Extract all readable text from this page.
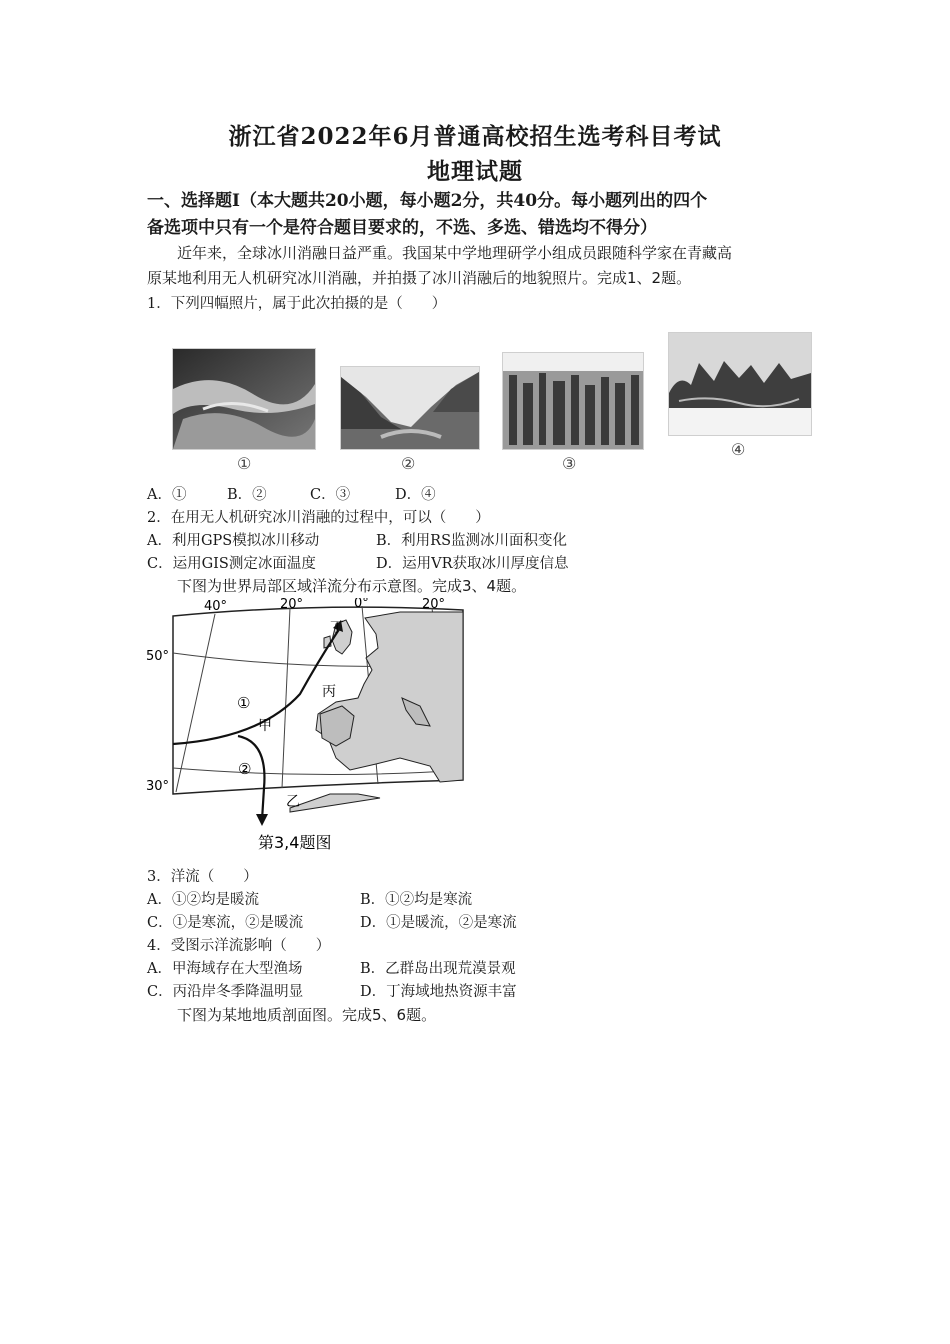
浙江省2022年6月普通高校招生选考科目考试
地理试题
一、选择题Ⅰ（本大题共20小题，每小题2分，共40分。每小题列出的四个
备选项中只有一个是符合题目要求的，不选、多选、错选均不得分）
近年来，全球冰川消融日益严重。我国某中学地理研学小组成员跟随科学家在青藏高
原某地利用无人机研究冰川消融，并拍摄了冰川消融后的地貌照片。完成1、2题。
1．下列四幅照片，属于此次拍摄的是（　　）
①	②	③
④
A．①	B．②	C．③	D．④
2．在用无人机研究冰川消融的过程中，可以（　　）
A．利用GPS模拟冰川移动	B．利用RS监测冰川面积变化
C．运用GIS测定冰面温度	D．运用VR获取冰川厚度信息
下图为世界局部区域洋流分布示意图。完成3、4题。
①
②
甲
乙
丙
丁
40°	20°	0°	20°
50°
30°
第3,4题图
3．洋流（　　）
A．①②均是暖流	B．①②均是寒流
C．①是寒流，②是暖流	D．①是暖流，②是寒流
4．受图示洋流影响（　　）
A．甲海域存在大型渔场	B．乙群岛出现荒漠景观
C．丙沿岸冬季降温明显	D．丁海域地热资源丰富
下图为某地地质剖面图。完成5、6题。
